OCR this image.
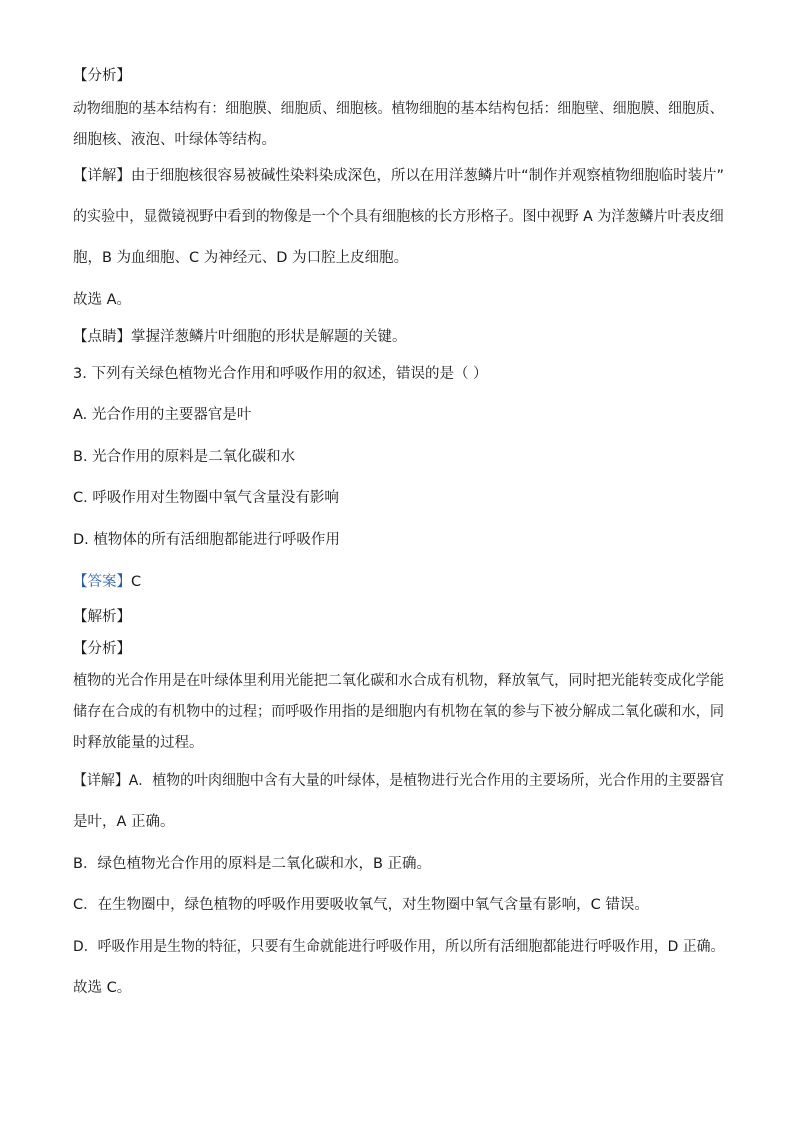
【分析】
动物细胞的基本结构有：细胞膜、细胞质、细胞核。植物细胞的基本结构包括：细胞壁、细胞膜、细胞质、
细胞核、液泡、叶绿体等结构。
【详解】由于细胞核很容易被碱性染料染成深色，所以在用洋葱鳞片叶“制作并观察植物细胞临时装片”
的实验中，显微镜视野中看到的物像是一个个具有细胞核的长方形格子。图中视野 A 为洋葱鳞片叶表皮细
胞，B 为血细胞、C 为神经元、D 为口腔上皮细胞。
故选 A。
【点睛】掌握洋葱鳞片叶细胞的形状是解题的关键。
3. 下列有关绿色植物光合作用和呼吸作用的叙述，错误的是（ ）
A. 光合作用的主要器官是叶
B. 光合作用的原料是二氧化碳和水
C. 呼吸作用对生物圈中氧气含量没有影响
D. 植物体的所有活细胞都能进行呼吸作用
【答案】C
【解析】
【分析】
植物的光合作用是在叶绿体里利用光能把二氧化碳和水合成有机物，释放氧气，同时把光能转变成化学能
储存在合成的有机物中的过程；而呼吸作用指的是细胞内有机物在氧的参与下被分解成二氧化碳和水，同
时释放能量的过程。
【详解】A．植物的叶肉细胞中含有大量的叶绿体，是植物进行光合作用的主要场所，光合作用的主要器官
是叶，A 正确。
B．绿色植物光合作用的原料是二氧化碳和水，B 正确。
C．在生物圈中，绿色植物的呼吸作用要吸收氧气，对生物圈中氧气含量有影响，C 错误。
D．呼吸作用是生物的特征，只要有生命就能进行呼吸作用，所以所有活细胞都能进行呼吸作用，D 正确。
故选 C。
